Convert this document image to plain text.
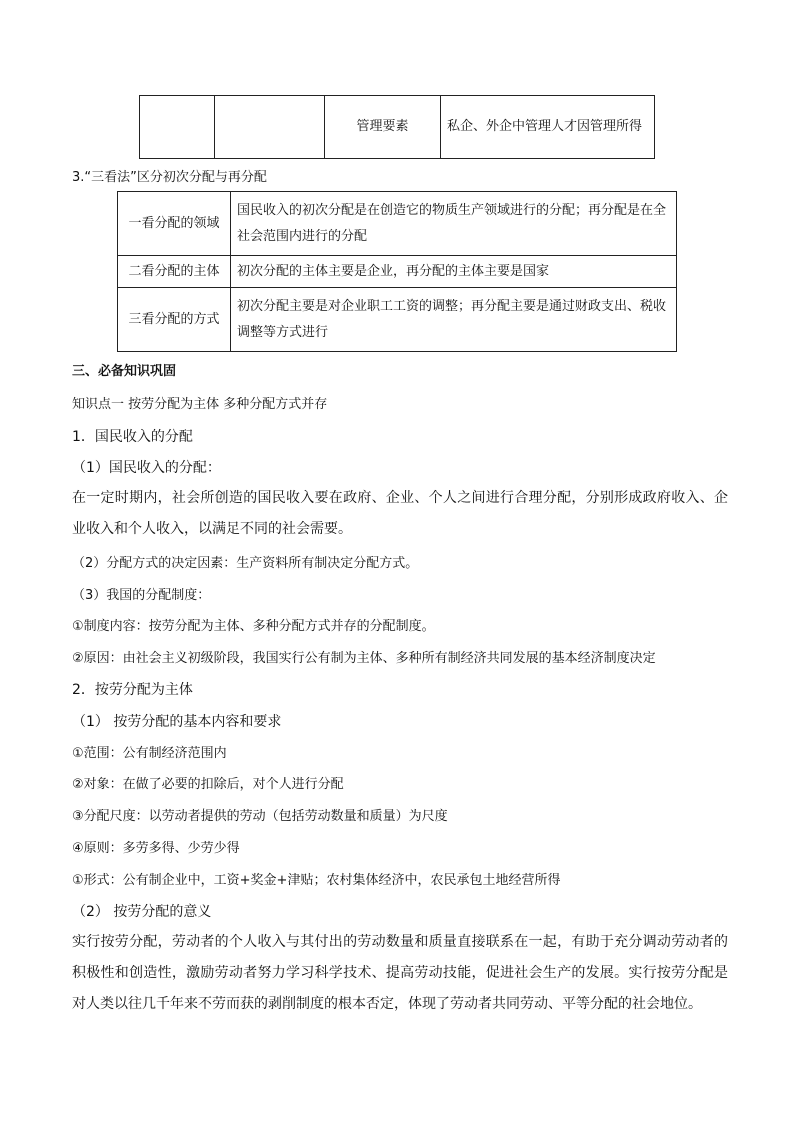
		管理要素	私企、外企中管理人才因管理所得
3.“三看法”区分初次分配与再分配
一看分配的领域	国民收入的初次分配是在创造它的物质生产领域进行的分配；再分配是在全社会范围内进行的分配
二看分配的主体	初次分配的主体主要是企业，再分配的主体主要是国家
三看分配的方式	初次分配主要是对企业职工工资的调整；再分配主要是通过财政支出、税收调整等方式进行
三、必备知识巩固
知识点一 按劳分配为主体 多种分配方式并存
1．国民收入的分配
（1）国民收入的分配：
在一定时期内，社会所创造的国民收入要在政府、企业、个人之间进行合理分配，分别形成政府收入、企业收入和个人收入，以满足不同的社会需要。
（2）分配方式的决定因素：生产资料所有制决定分配方式。
（3）我国的分配制度：
①制度内容：按劳分配为主体、多种分配方式并存的分配制度。
②原因：由社会主义初级阶段，我国实行公有制为主体、多种所有制经济共同发展的基本经济制度决定
2．按劳分配为主体
（1） 按劳分配的基本内容和要求
①范围：公有制经济范围内
②对象：在做了必要的扣除后，对个人进行分配
③分配尺度：以劳动者提供的劳动（包括劳动数量和质量）为尺度
④原则：多劳多得、少劳少得
①形式：公有制企业中，工资+奖金+津贴；农村集体经济中，农民承包土地经营所得
（2） 按劳分配的意义
实行按劳分配，劳动者的个人收入与其付出的劳动数量和质量直接联系在一起，有助于充分调动劳动者的积极性和创造性，激励劳动者努力学习科学技术、提高劳动技能，促进社会生产的发展。实行按劳分配是对人类以往几千年来不劳而获的剥削制度的根本否定，体现了劳动者共同劳动、平等分配的社会地位。
